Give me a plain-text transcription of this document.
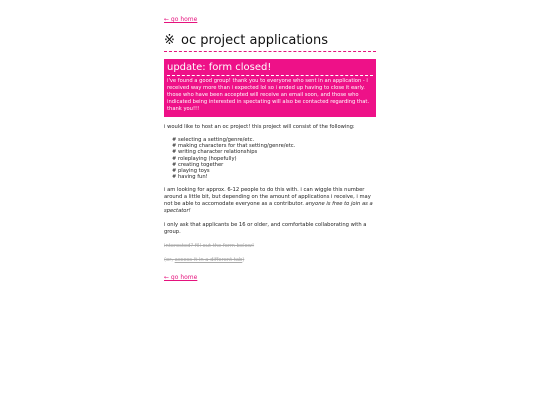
← go home
※ oc project applications
update: form closed!
i've found a good group! thank you to everyone who sent in an application - i received way more than i expected lol so i ended up having to close it early. those who have been accepted will receive an email soon, and those who indicated being interested in spectating will also be contacted regarding that. thank you!!!

i would like to host an oc project! this project will consist of the following:

# selecting a setting/genre/etc.
# making characters for that setting/genre/etc.
# writing character relationships
# roleplaying (hopefully)
# creating together
# playing toys
# having fun!

i am looking for approx. 6-12 people to do this with. i can wiggle this number around a little bit, but depending on the amount of applications i receive, i may not be able to accomodate everyone as a contributor. anyone is free to join as a spectator!

i only ask that applicants be 16 or older, and comfortable collaborating with a group.

interested? fill out the form below!
(or, access it in a different tab)
← go home
